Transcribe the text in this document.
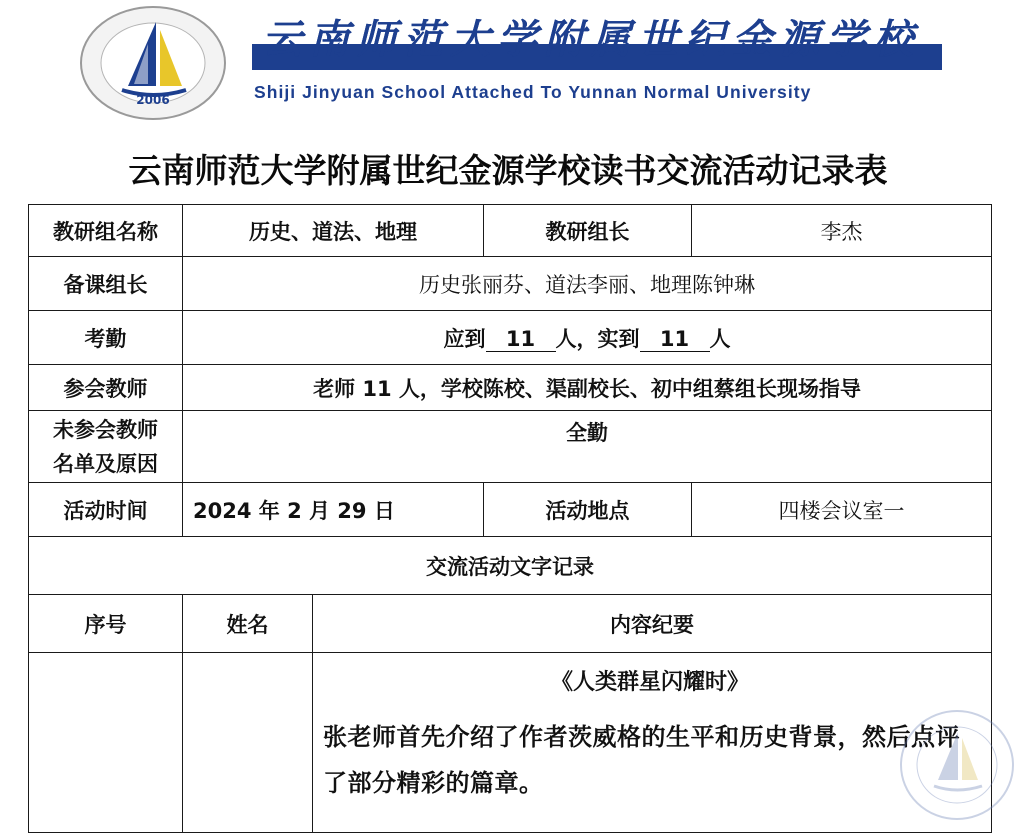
2006
云南师范大学附属世纪金源学校
Shiji Jinyuan School Attached To Yunnan Normal University
云南师范大学附属世纪金源学校读书交流活动记录表
教研组名称	历史、道法、地理		教研组长	李杰
备课组长	历史张丽芬、道法李丽、地理陈钟琳			
考勤	应到 11 人，实到 11 人			
参会教师	老师 11 人，学校陈校、渠副校长、初中组蔡组长现场指导			

未参会教师
名单及原因	全勤			
活动时间	2024 年 2 月 29 日		活动地点	四楼会议室一
交流活动文字记录				
序号	姓名	内容纪要		

		《人类群星闪耀时》
张老师首先介绍了作者茨威格的生平和历史背景，然后点评了部分精彩的篇章。		
